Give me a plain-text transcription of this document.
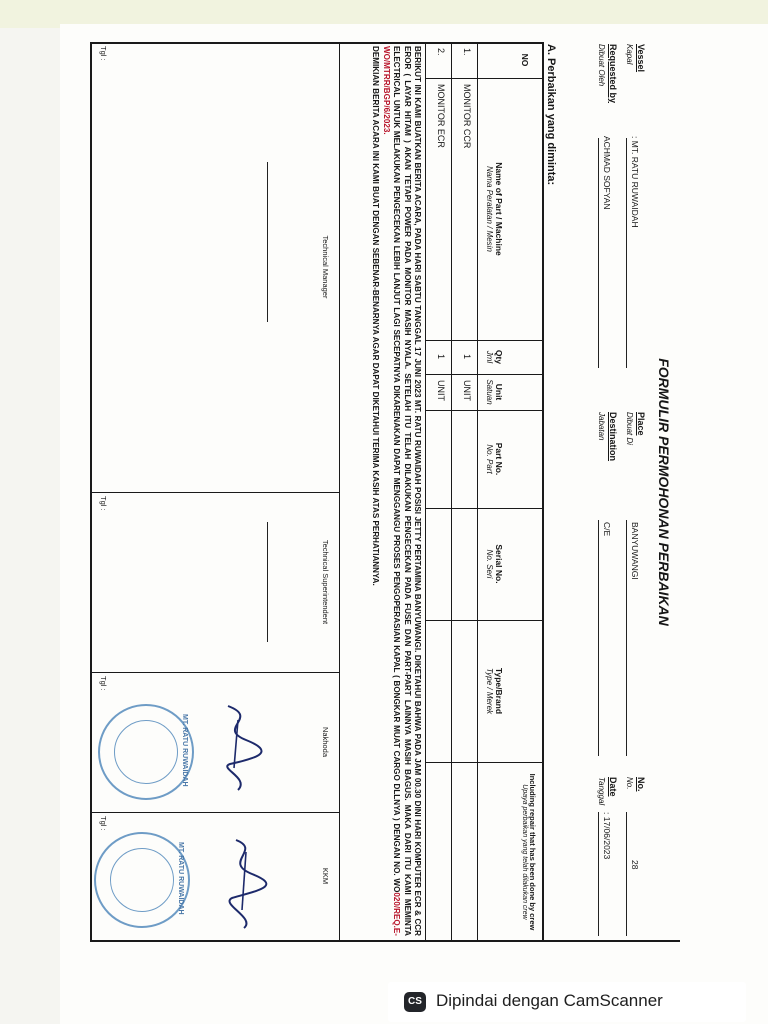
FORMULIR PERMOHONAN PERBAIKAN
Vessel
Kapal
: MT. RATU RUWAIDAH
Requested by
Dibuat Oleh
ACHMAD SOFYAN
Place
Dibuat Di
BANYUWANGI
Destination
Jabatan
C/E
No.
No.
28
Date
Tanggal
: 17/06/2023
A. Perbaikan yang diminta:
NO
Name of Part / Machine
Nama Peralatan / Mesin
Qty
Jml
Unit
Satuan
Part No.
No. Part
Serial No.
No. Seri
Type/Brand
Type / Merek
Including repair that has been done by crew
Upaya perbaikan yang telah dilakukan crew
1.
MONITOR CCR
1
UNIT
2.
MONITOR ECR
1
UNIT
BERIKUT INI KAMI BUATKAN BERITA ACARA, PADA HARI SABTU TANGGAL 17 JUNI 2023 MT. RATU RUWAIDAH POSISI JETTY PERTAMINA BANYUWANGI. DIKETAHUI BAHWA PADA JAM 00.30 DINI HARI KOMPUTER ECR & CCR EROR ( LAYAR HITAM ) AKAN TETAPI POWER PADA MONITOR MASIH NYALA. SETELAH ITU TELAH DILAKUKAN PENGECEKAN PADA FUSE DAN PART-PART LAINNYA MASIH BAGUS. MAKA DARI ITU KAMI MEMINTA ELECTRICAL UNTUK MELAKUKAN PENGECEKAN LEBIH LANJUT LAGI SECEPATNYA DIKARENAKAN DAPAT MENGGANGU PROSES PENGOPERASIAN KAPAL ( BONGKAR MUAT CARGO DLLNYA ) DENGAN NO. WO020/REQ.E-WO/MTRR/BGP/6/2023.
DEMIKIAN BERITA ACARA INI KAMI BUAT DENGAN SEBENAR-BENARNYA AGAR DAPAT DIKETAHUI TERIMA KASIH ATAS PERHATIANNYA.
Technical Manager
Technical Superintendent
Nakhoda
KKM
Tgl :
Tgl :
Tgl :
Tgl :
MT. RATU RUWAIDAH
MT. RATU RUWAIDAH
CS Dipindai dengan CamScanner
